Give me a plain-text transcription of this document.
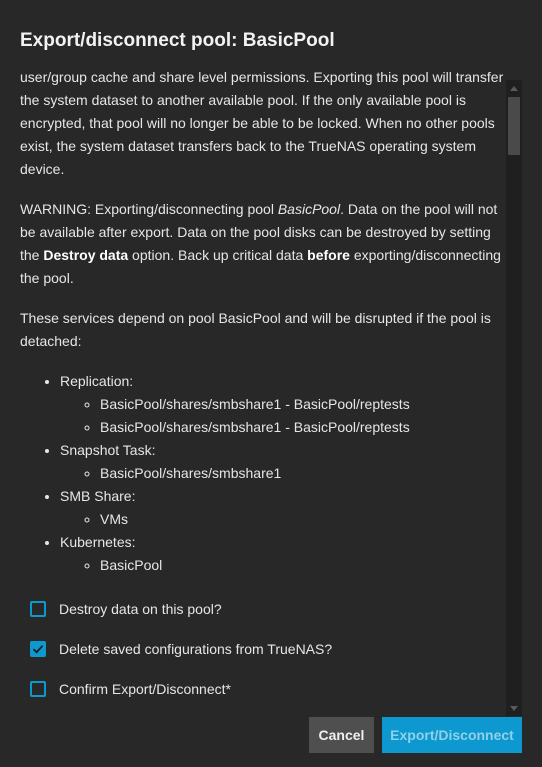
Export/disconnect pool: BasicPool

user/group cache and share level permissions. Exporting this pool will transfer the system dataset to another available pool. If the only available pool is encrypted, that pool will no longer be able to be locked. When no other pools exist, the system dataset transfers back to the TrueNAS operating system device.

WARNING: Exporting/disconnecting pool BasicPool. Data on the pool will not be available after export. Data on the pool disks can be destroyed by setting the Destroy data option. Back up critical data before exporting/disconnecting the pool.

These services depend on pool BasicPool and will be disrupted if the pool is detached:

• Replication:
◦ BasicPool/shares/smbshare1 - BasicPool/reptests
◦ BasicPool/shares/smbshare1 - BasicPool/reptests
• Snapshot Task:
◦ BasicPool/shares/smbshare1
• SMB Share:
◦ VMs
• Kubernetes:
◦ BasicPool
Destroy data on this pool?
Delete saved configurations from TrueNAS?
Confirm Export/Disconnect*
Cancel	Export/Disconnect
